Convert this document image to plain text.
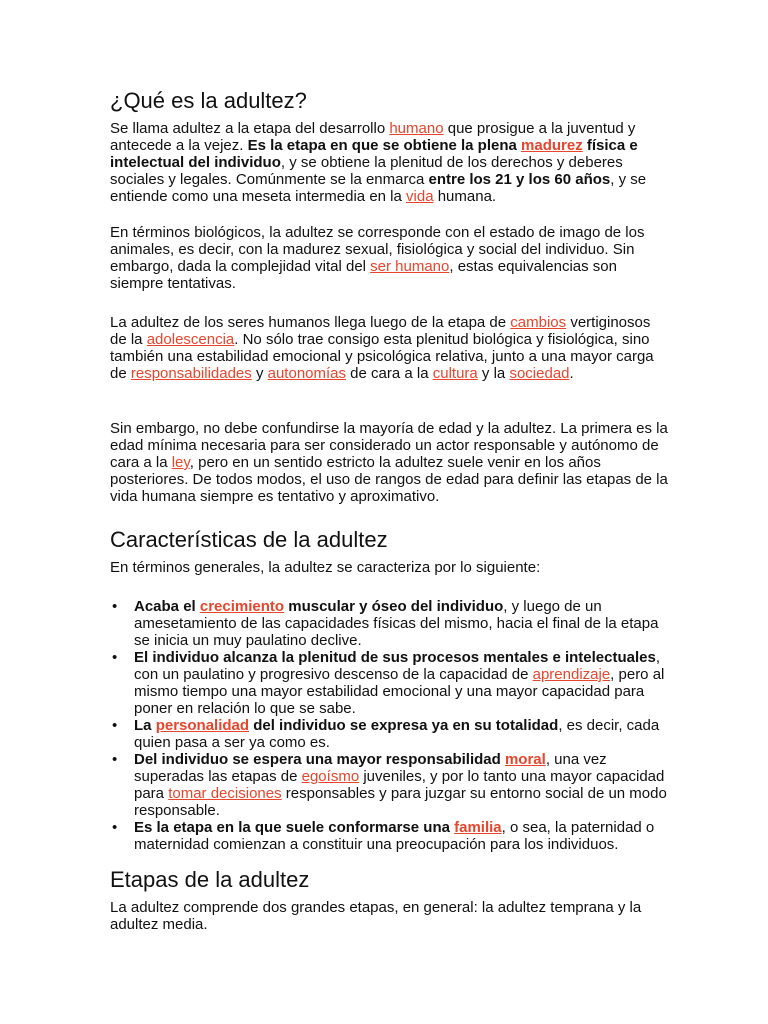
¿Qué es la adultez?

Se llama adultez a la etapa del desarrollo humano que prosigue a la juventud y antecede a la vejez. Es la etapa en que se obtiene la plena madurez física e intelectual del individuo, y se obtiene la plenitud de los derechos y deberes sociales y legales. Comúnmente se la enmarca entre los 21 y los 60 años, y se entiende como una meseta intermedia en la vida humana.

En términos biológicos, la adultez se corresponde con el estado de imago de los animales, es decir, con la madurez sexual, fisiológica y social del individuo. Sin embargo, dada la complejidad vital del ser humano, estas equivalencias son siempre tentativas.

La adultez de los seres humanos llega luego de la etapa de cambios vertiginosos de la adolescencia. No sólo trae consigo esta plenitud biológica y fisiológica, sino también una estabilidad emocional y psicológica relativa, junto a una mayor carga de responsabilidades y autonomías de cara a la cultura y la sociedad.

Sin embargo, no debe confundirse la mayoría de edad y la adultez. La primera es la edad mínima necesaria para ser considerado un actor responsable y autónomo de cara a la ley, pero en un sentido estricto la adultez suele venir en los años posteriores. De todos modos, el uso de rangos de edad para definir las etapas de la vida humana siempre es tentativo y aproximativo.

Características de la adultez

En términos generales, la adultez se caracteriza por lo siguiente:

• Acaba el crecimiento muscular y óseo del individuo, y luego de un amesetamiento de las capacidades físicas del mismo, hacia el final de la etapa se inicia un muy paulatino declive.

• El individuo alcanza la plenitud de sus procesos mentales e intelectuales, con un paulatino y progresivo descenso de la capacidad de aprendizaje, pero al mismo tiempo una mayor estabilidad emocional y una mayor capacidad para poner en relación lo que se sabe.

• La personalidad del individuo se expresa ya en su totalidad, es decir, cada quien pasa a ser ya como es.

• Del individuo se espera una mayor responsabilidad moral, una vez superadas las etapas de egoísmo juveniles, y por lo tanto una mayor capacidad para tomar decisiones responsables y para juzgar su entorno social de un modo responsable.

• Es la etapa en la que suele conformarse una familia, o sea, la paternidad o maternidad comienzan a constituir una preocupación para los individuos.

Etapas de la adultez

La adultez comprende dos grandes etapas, en general: la adultez temprana y la adultez media.
